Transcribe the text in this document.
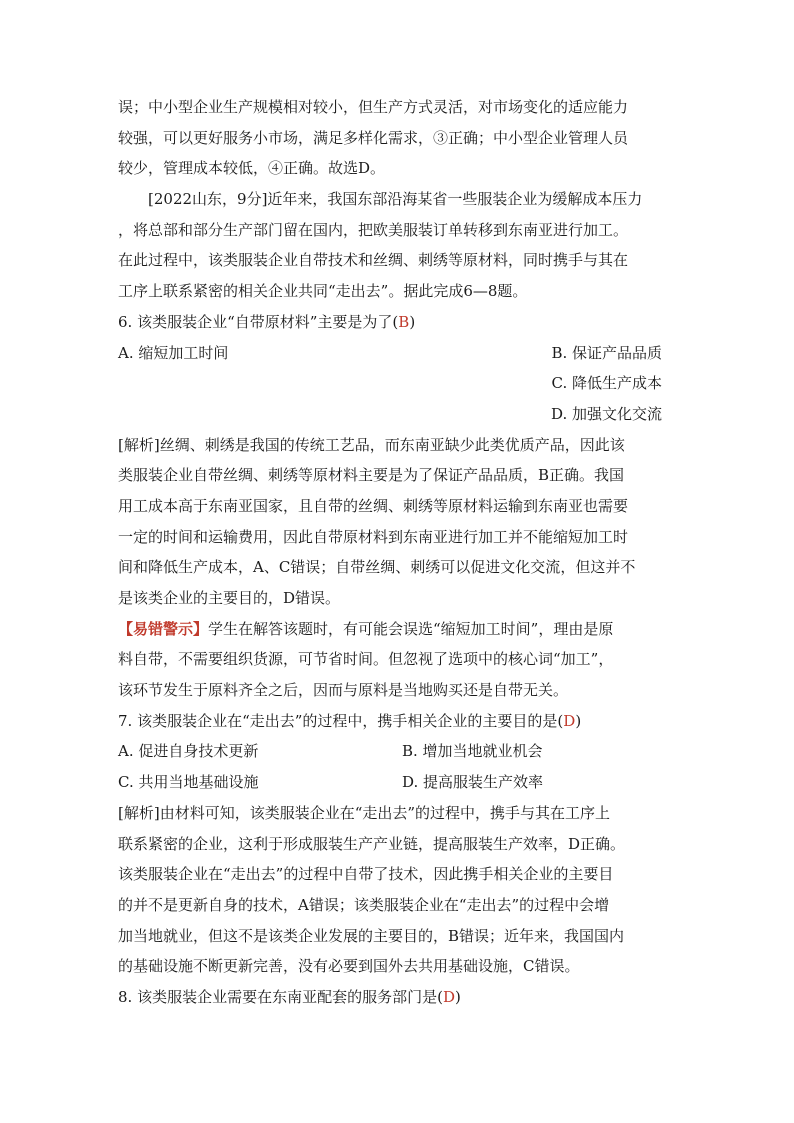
误；中小型企业生产规模相对较小，但生产方式灵活，对市场变化的适应能力
较强，可以更好服务小市场，满足多样化需求，③正确；中小型企业管理人员
较少，管理成本较低，④正确。故选D。
[2022山东，9分]近年来，我国东部沿海某省一些服装企业为缓解成本压力
，将总部和部分生产部门留在国内，把欧美服装订单转移到东南亚进行加工。
在此过程中，该类服装企业自带技术和丝绸、刺绣等原材料，同时携手与其在
工序上联系紧密的相关企业共同“走出去”。据此完成6—8题。
6. 该类服装企业“自带原材料”主要是为了(B)
A. 缩短加工时间	B. 保证产品品质
C. 降低生产成本
D. 加强文化交流
[解析]丝绸、刺绣是我国的传统工艺品，而东南亚缺少此类优质产品，因此该
类服装企业自带丝绸、刺绣等原材料主要是为了保证产品品质，B正确。我国
用工成本高于东南亚国家，且自带的丝绸、刺绣等原材料运输到东南亚也需要
一定的时间和运输费用，因此自带原材料到东南亚进行加工并不能缩短加工时
间和降低生产成本，A、C错误；自带丝绸、刺绣可以促进文化交流，但这并不
是该类企业的主要目的，D错误。
【易错警示】学生在解答该题时，有可能会误选“缩短加工时间”，理由是原
料自带，不需要组织货源，可节省时间。但忽视了选项中的核心词“加工”，
该环节发生于原料齐全之后，因而与原料是当地购买还是自带无关。
7. 该类服装企业在“走出去”的过程中，携手相关企业的主要目的是(D)
A. 促进自身技术更新	B. 增加当地就业机会
C. 共用当地基础设施	D. 提高服装生产效率
[解析]由材料可知，该类服装企业在“走出去”的过程中，携手与其在工序上
联系紧密的企业，这利于形成服装生产产业链，提高服装生产效率，D正确。
该类服装企业在“走出去”的过程中自带了技术，因此携手相关企业的主要目
的并不是更新自身的技术，A错误；该类服装企业在“走出去”的过程中会增
加当地就业，但这不是该类企业发展的主要目的，B错误；近年来，我国国内
的基础设施不断更新完善，没有必要到国外去共用基础设施，C错误。
8. 该类服装企业需要在东南亚配套的服务部门是(D)
